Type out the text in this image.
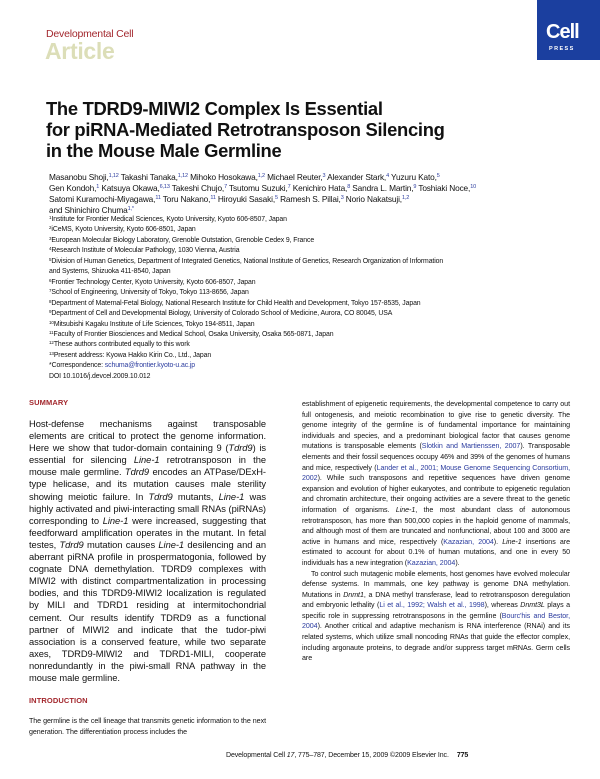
Developmental Cell
Article
Cell
PRESS
The TDRD9-MIWI2 Complex Is Essential
for piRNA-Mediated Retrotransposon Silencing
in the Mouse Male Germline
Masanobu Shoji,$^{1,12}$ Takashi Tanaka,$^{1,12}$ Mihoko Hosokawa,$^{1,2}$ Michael Reuter,$^3$ Alexander Stark,$^4$ Yuzuru Kato,$^5$
Gen Kondoh,$^1$ Katsuya Okawa,$^{6,13}$ Takeshi Chujo,$^7$ Tsutomu Suzuki,$^7$ Kenichiro Hata,$^8$ Sandra L. Martin,$^9$ Toshiaki Noce,$^{10}$
Satomi Kuramochi-Miyagawa,$^{11}$ Toru Nakano,$^{11}$ Hiroyuki Sasaki,$^5$ Ramesh S. Pillai,$^3$ Norio Nakatsuji,$^{1,2}$
and Shinichiro Chuma$^{1,*}$
$^1$Institute for Frontier Medical Sciences, Kyoto University, Kyoto 606-8507, Japan
$^2$iCeMS, Kyoto University, Kyoto 606-8501, Japan
$^3$European Molecular Biology Laboratory, Grenoble Outstation, Grenoble Cedex 9, France
$^4$Research Institute of Molecular Pathology, 1030 Vienna, Austria
$^5$Division of Human Genetics, Department of Integrated Genetics, National Institute of Genetics, Research Organization of Information
and Systems, Shizuoka 411-8540, Japan
$^6$Frontier Technology Center, Kyoto University, Kyoto 606-8507, Japan
$^7$School of Engineering, University of Tokyo, Tokyo 113-8656, Japan
$^8$Department of Maternal-Fetal Biology, National Research Institute for Child Health and Development, Tokyo 157-8535, Japan
$^9$Department of Cell and Developmental Biology, University of Colorado School of Medicine, Aurora, CO 80045, USA
$^{10}$Mitsubishi Kagaku Institute of Life Sciences, Tokyo 194-8511, Japan
$^{11}$Faculty of Frontier Biosciences and Medical School, Osaka University, Osaka 565-0871, Japan
$^{12}$These authors contributed equally to this work
$^{13}$Present address: Kyowa Hakko Kirin Co., Ltd., Japan
*Correspondence: schuma@frontier.kyoto-u.ac.jp
DOI 10.1016/j.devcel.2009.10.012
SUMMARY
Host-defense mechanisms against transposable elements are critical to protect the genome information. Here we show that tudor-domain containing 9 (Tdrd9) is essential for silencing Line-1 retrotransposon in the mouse male germline. Tdrd9 encodes an ATPase/DExH-type helicase, and its mutation causes male sterility showing meiotic failure. In Tdrd9 mutants, Line-1 was highly activated and piwi-interacting small RNAs (piRNAs) corresponding to Line-1 were increased, suggesting that feedforward amplification operates in the mutant. In fetal testes, Tdrd9 mutation causes Line-1 desilencing and an aberrant piRNA profile in prospermatogonia, followed by cognate DNA demethylation. TDRD9 complexes with MIWI2 with distinct compartmentalization in processing bodies, and this TDRD9-MIWI2 localization is regulated by MILI and TDRD1 residing at intermitochondrial cement. Our results identify TDRD9 as a functional partner of MIWI2 and indicate that the tudor-piwi association is a conserved feature, while two separate axes, TDRD9-MIWI2 and TDRD1-MILI, cooperate nonredundantly in the piwi-small RNA pathway in the mouse male germline.
INTRODUCTION
The germline is the cell lineage that transmits genetic information to the next generation. The differentiation process includes the

establishment of epigenetic requirements, the developmental competence to carry out full ontogenesis, and meiotic recombination to give rise to genetic diversity. The genome integrity of the germline is of fundamental importance for maintaining individuals and species, and a predominant biological factor that causes genome mutations is transposable elements (Slotkin and Martienssen, 2007). Transposable elements and their fossil sequences occupy 46% and 39% of the genomes of humans and mice, respectively (Lander et al., 2001; Mouse Genome Sequencing Consortium, 2002). While such transposons and repetitive sequences have driven genome expansion and evolution of higher eukaryotes, and contribute to epigenetic regulation and chromatin architecture, their ongoing activities are a severe threat to the genetic information of organisms. Line-1, the most abundant class of autonomous retrotransposon, has more than 500,000 copies in the haploid genome of mammals, and although most of them are truncated and nonfunctional, about 100 and 3000 are active in humans and mice, respectively (Kazazian, 2004). Line-1 insertions are estimated to account for about 0.1% of human mutations, and one in every 50 individuals has a new integration (Kazazian, 2004).

To control such mutagenic mobile elements, host genomes have evolved molecular defense systems. In mammals, one key pathway is genome DNA methylation. Mutations in Dnmt1, a DNA methyl transferase, lead to retrotransposon deregulation and embryonic lethality (Li et al., 1992; Walsh et al., 1998), whereas Dnmt3L plays a specific role in suppressing retrotransposons in the germline (Bourc'his and Bestor, 2004). Another critical and adaptive mechanism is RNA interference (RNAi) and its related systems, which utilize small noncoding RNAs that guide the effector complex, including argonaute proteins, to degrade and/or suppress target mRNAs. Germ cells are

Developmental Cell 17, 775–787, December 15, 2009 ©2009 Elsevier Inc. 775
